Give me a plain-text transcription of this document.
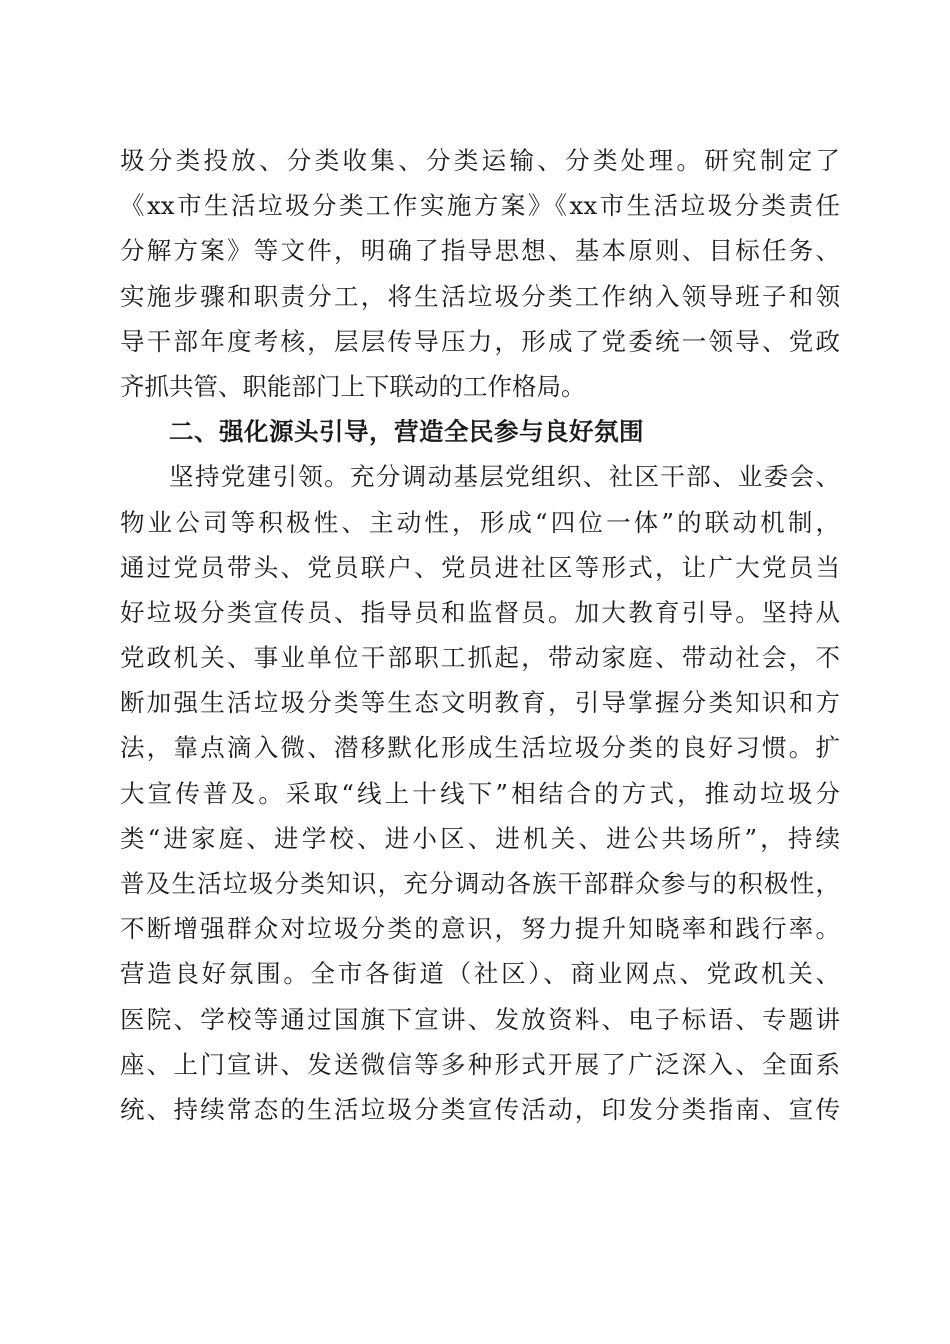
圾分类投放、分类收集、分类运输、分类处理。研究制定了
《xx市生活垃圾分类工作实施方案》《xx市生活垃圾分类责任
分解方案》等文件，明确了指导思想、基本原则、目标任务、
实施步骤和职责分工，将生活垃圾分类工作纳入领导班子和领
导干部年度考核，层层传导压力，形成了党委统一领导、党政
齐抓共管、职能部门上下联动的工作格局。
二、强化源头引导，营造全民参与良好氛围
坚持党建引领。充分调动基层党组织、社区干部、业委会、
物业公司等积极性、主动性，形成“四位一体”的联动机制，
通过党员带头、党员联户、党员进社区等形式，让广大党员当
好垃圾分类宣传员、指导员和监督员。加大教育引导。坚持从
党政机关、事业单位干部职工抓起，带动家庭、带动社会，不
断加强生活垃圾分类等生态文明教育，引导掌握分类知识和方
法，靠点滴入微、潜移默化形成生活垃圾分类的良好习惯。扩
大宣传普及。采取“线上十线下”相结合的方式，推动垃圾分
类“进家庭、进学校、进小区、进机关、进公共场所”，持续
普及生活垃圾分类知识，充分调动各族干部群众参与的积极性，
不断增强群众对垃圾分类的意识，努力提升知晓率和践行率。
营造良好氛围。全市各街道（社区）、商业网点、党政机关、
医院、学校等通过国旗下宣讲、发放资料、电子标语、专题讲
座、上门宣讲、发送微信等多种形式开展了广泛深入、全面系
统、持续常态的生活垃圾分类宣传活动，印发分类指南、宣传
